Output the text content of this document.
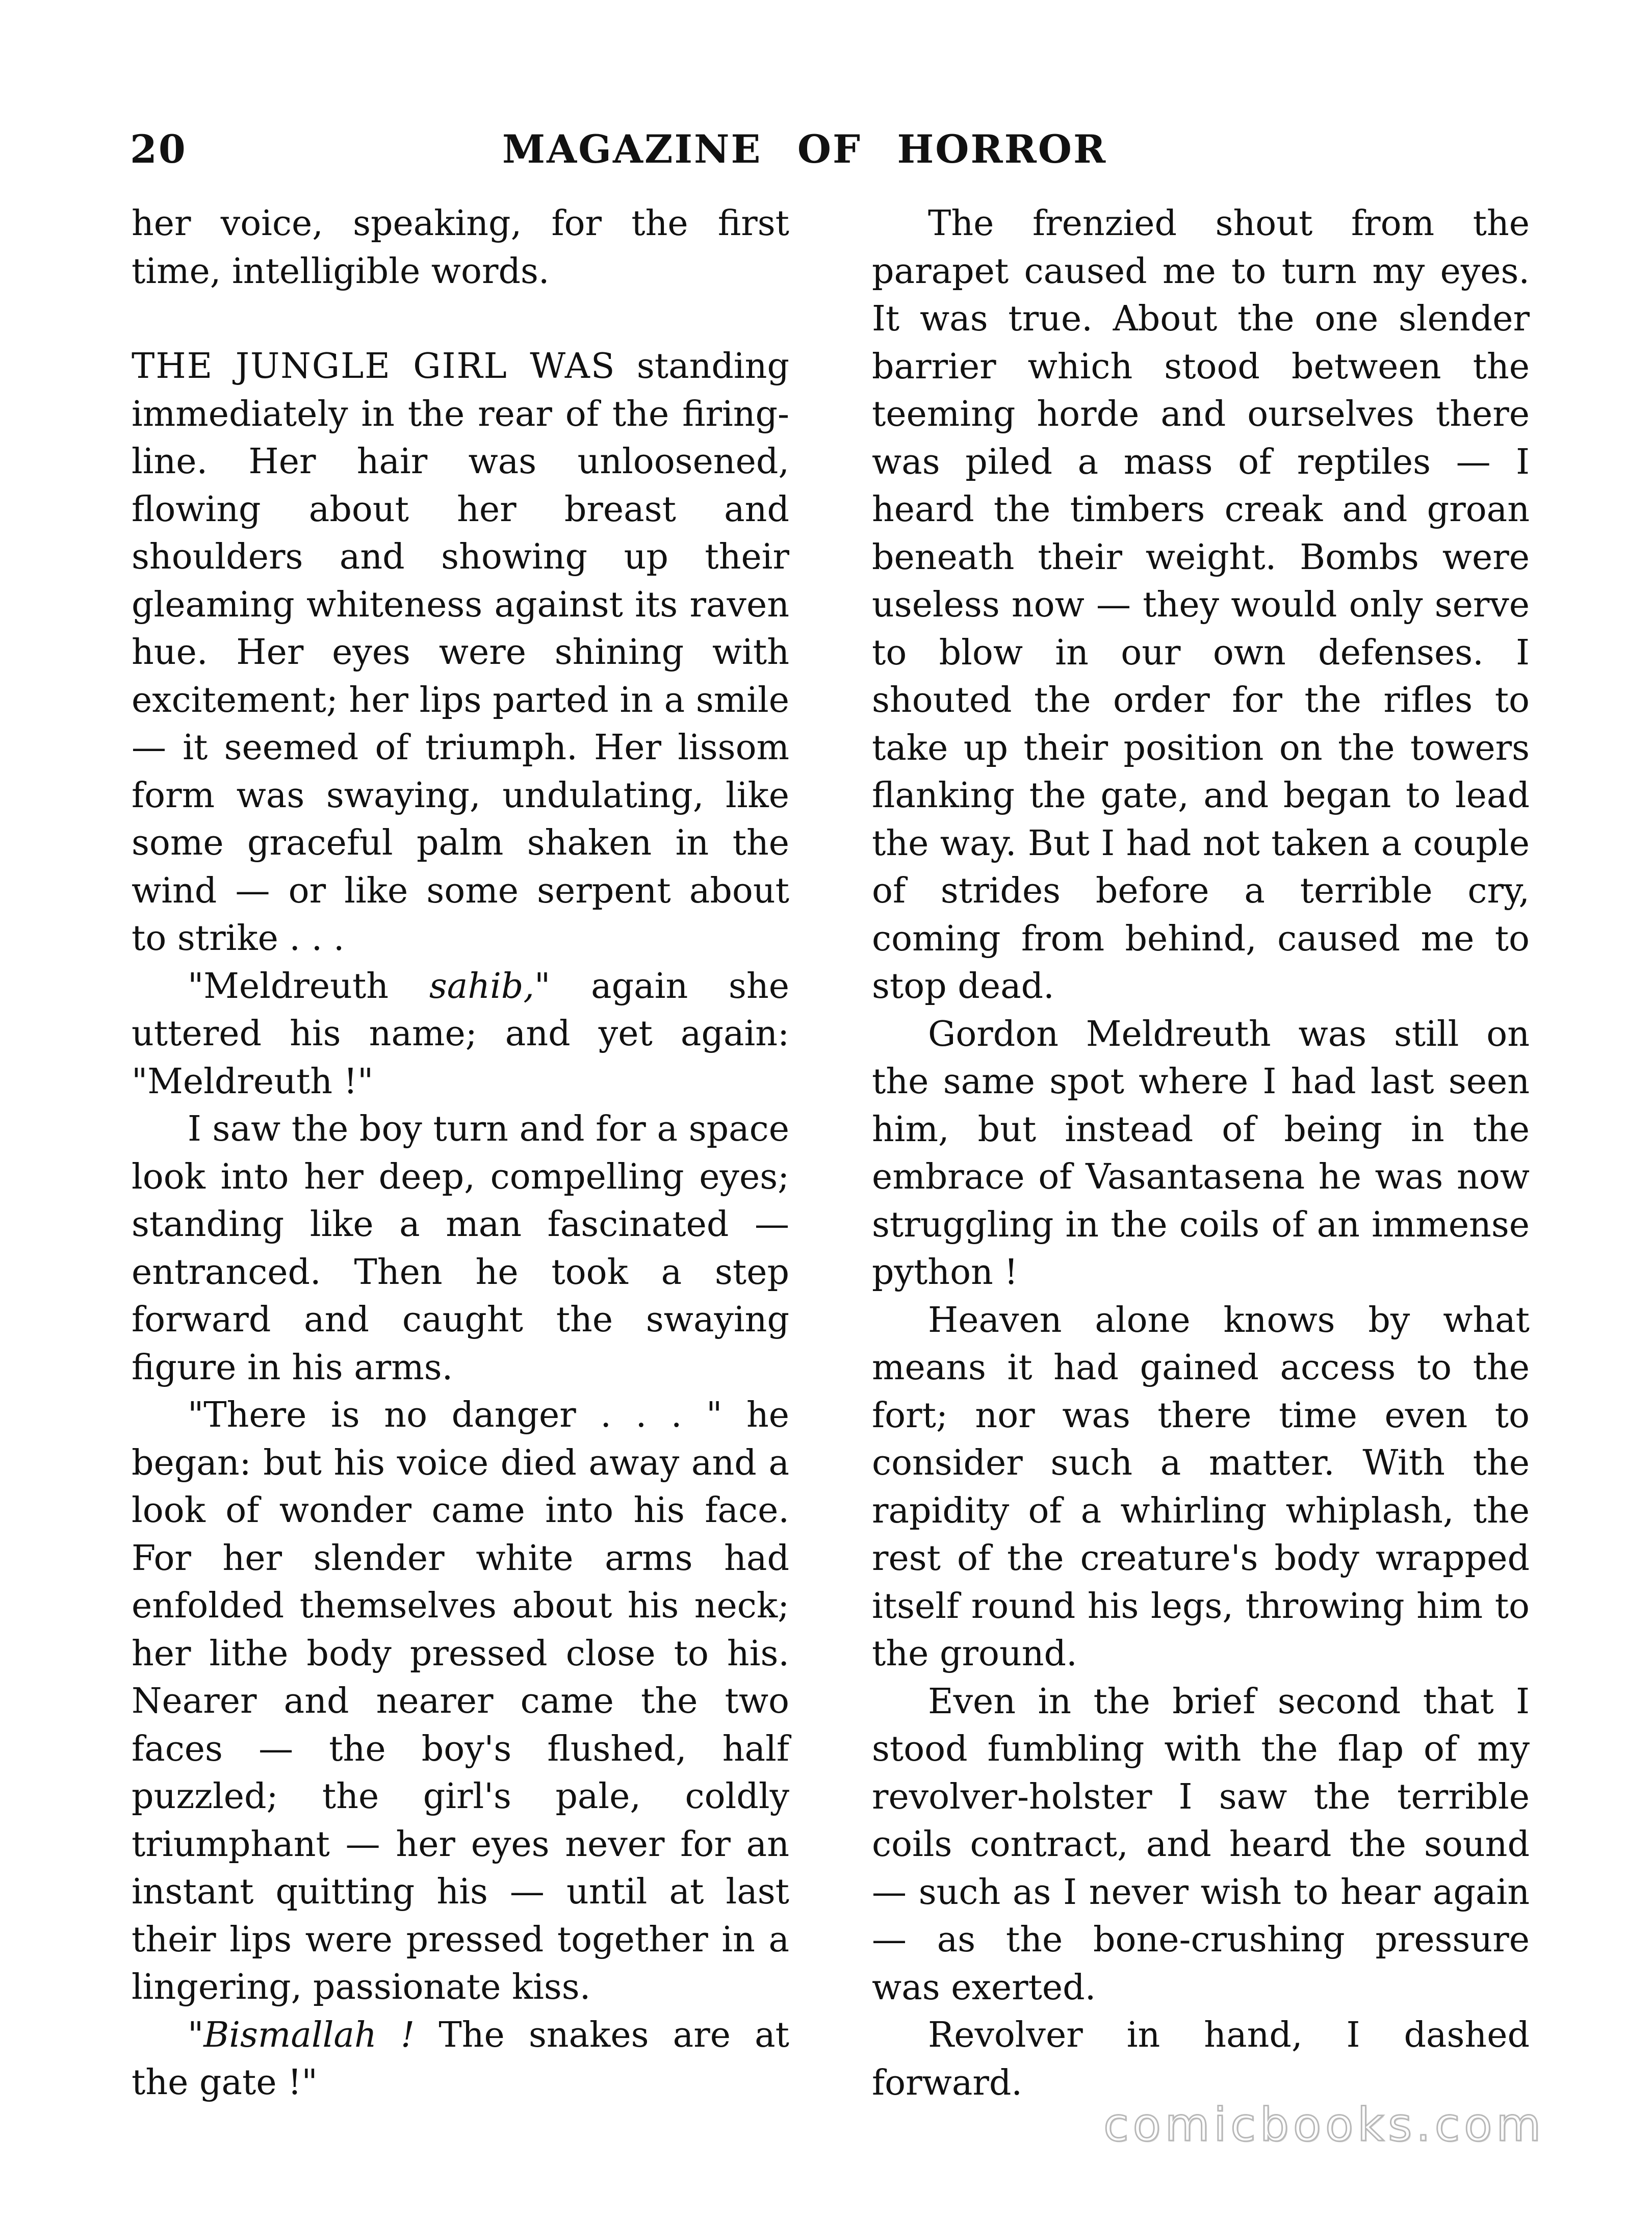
20	MAGAZINE OF HORROR

her voice, speaking, for the first time, intelligible words.

THE JUNGLE GIRL WAS standing immediately in the rear of the firing-line. Her hair was unloosened, flowing about her breast and shoulders and showing up their gleaming whiteness against its raven hue. Her eyes were shining with excitement; her lips parted in a smile — it seemed of triumph. Her lissom form was swaying, undulating, like some graceful palm shaken in the wind — or like some serpent about to strike . . .

"Meldreuth sahib," again she uttered his name; and yet again: "Meldreuth !"

I saw the boy turn and for a space look into her deep, compelling eyes; standing like a man fascinated — entranced. Then he took a step forward and caught the swaying figure in his arms.

"There is no danger . . . " he began: but his voice died away and a look of wonder came into his face. For her slender white arms had enfolded themselves about his neck; her lithe body pressed close to his. Nearer and nearer came the two faces — the boy's flushed, half puzzled; the girl's pale, coldly triumphant — her eyes never for an instant quitting his — until at last their lips were pressed together in a lingering, passionate kiss.

"Bismallah ! The snakes are at the gate !"

The frenzied shout from the parapet caused me to turn my eyes. It was true. About the one slender barrier which stood between the teeming horde and ourselves there was piled a mass of reptiles — I heard the timbers creak and groan beneath their weight. Bombs were useless now — they would only serve to blow in our own defenses. I shouted the order for the rifles to take up their position on the towers flanking the gate, and began to lead the way. But I had not taken a couple of strides before a terrible cry, coming from behind, caused me to stop dead.

Gordon Meldreuth was still on the same spot where I had last seen him, but instead of being in the embrace of Vasantasena he was now struggling in the coils of an immense python !

Heaven alone knows by what means it had gained access to the fort; nor was there time even to consider such a matter. With the rapidity of a whirling whiplash, the rest of the creature's body wrapped itself round his legs, throwing him to the ground.

Even in the brief second that I stood fumbling with the flap of my revolver-holster I saw the terrible coils contract, and heard the sound — such as I never wish to hear again — as the bone-crushing pressure was exerted.

Revolver in hand, I dashed forward.

comicbooks.com
